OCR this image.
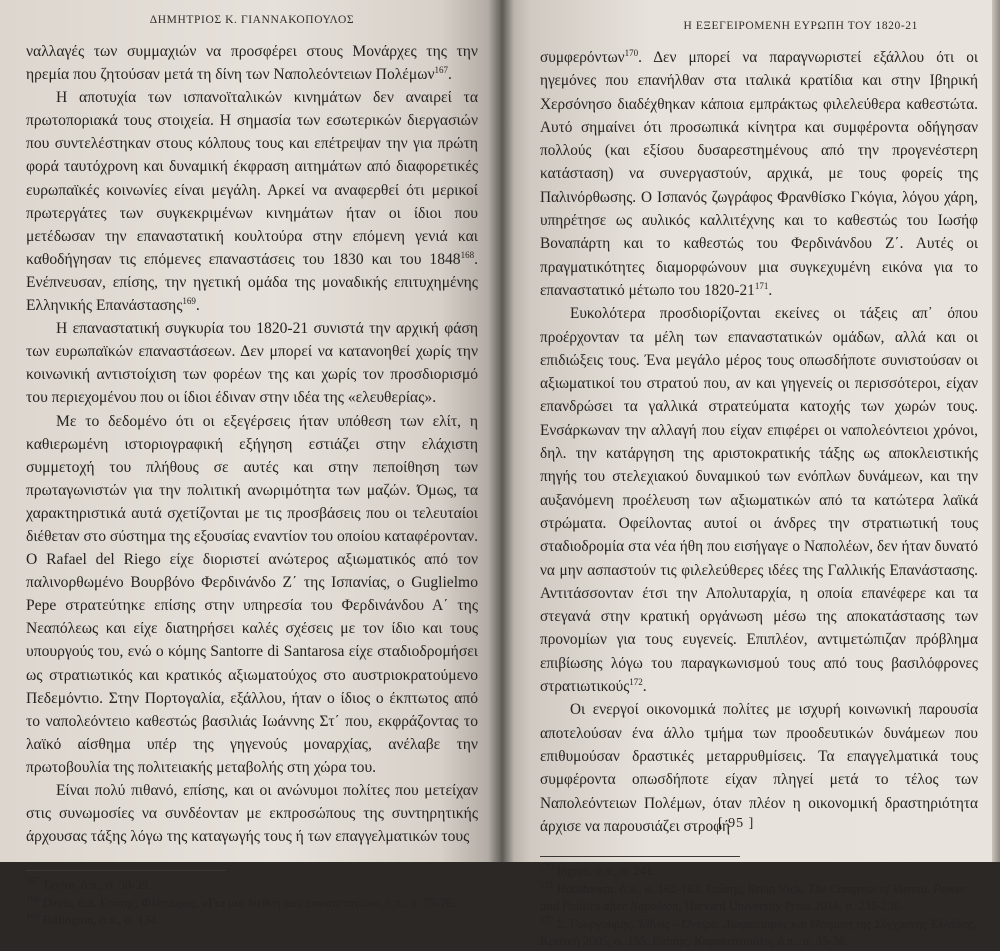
ΔΗΜΗΤΡΙΟΣ Κ. ΓΙΑΝΝΑΚΟΠΟΥΛΟΣ

ναλλαγές των συμμαχιών να προσφέρει στους Μονάρχες της την ηρεμία που ζητούσαν μετά τη δίνη των Ναπολεόντειων Πολέμων$^{167}$.

Η αποτυχία των ισπανοϊταλικών κινημάτων δεν αναιρεί τα πρωτοποριακά τους στοιχεία. Η σημασία των εσωτερικών διεργασιών που συντελέστηκαν στους κόλπους τους και επέτρεψαν την για πρώτη φορά ταυτόχρονη και δυναμική έκφραση αιτημάτων από διαφορετικές ευρωπαϊκές κοινωνίες είναι μεγάλη. Αρκεί να αναφερθεί ότι μερικοί πρωτεργάτες των συγκεκριμένων κινημάτων ήταν οι ίδιοι που μετέδωσαν την επαναστατική κουλτούρα στην επόμενη γενιά και καθοδήγησαν τις επόμενες επαναστάσεις του 1830 και του 1848$^{168}$. Ενέπνευσαν, επίσης, την ηγετική ομάδα της μοναδικής επιτυχημένης Ελληνικής Επανάστασης$^{169}$.

Η επαναστατική συγκυρία του 1820-21 συνιστά την αρχική φάση των ευρωπαϊκών επαναστάσεων. Δεν μπορεί να κατανοηθεί χωρίς την κοινωνική αντιστοίχιση των φορέων της και χωρίς τον προσδιορισμό του περιεχομένου που οι ίδιοι έδιναν στην ιδέα της «ελευθερίας».

Με το δεδομένο ότι οι εξεγέρσεις ήταν υπόθεση των ελίτ, η καθιερωμένη ιστοριογραφική εξήγηση εστιάζει στην ελάχιστη συμμετοχή του πλήθους σε αυτές και στην πεποίθηση των πρωταγωνιστών για την πολιτική ανωριμότητα των μαζών. Όμως, τα χαρακτηριστικά αυτά σχετίζονται με τις προσβάσεις που οι τελευταίοι διέθεταν στο σύστημα της εξουσίας εναντίον του οποίου καταφέρονταν. Ο Rafael del Riego είχε διοριστεί ανώτερος αξιωματικός από τον παλινορθωμένο Βουρβόνο Φερδινάνδο Ζ΄ της Ισπανίας, ο Guglielmo Pepe στρατεύτηκε επίσης στην υπηρεσία του Φερδινάνδου Α΄ της Νεαπόλεως και είχε διατηρήσει καλές σχέσεις με τον ίδιο και τους υπουργούς του, ενώ ο κόμης Santorre di Santarosa είχε σταδιοδρομήσει ως στρατιωτικός και κρατικός αξιωματούχος στο αυστριοκρατούμενο Πεδεμόντιο. Στην Πορτογαλία, εξάλλου, ήταν ο ίδιος ο έκπτωτος από το ναπολεόντειο καθεστώς βασιλιάς Ιωάννης Στ΄ που, εκφράζοντας το λαϊκό αίσθημα υπέρ της γηγενούς μοναρχίας, ανέλαβε την πρωτοβουλία της πολιτειακής μεταβολής στη χώρα του.

Είναι πολύ πιθανό, επίσης, και οι ανώνυμοι πολίτες που μετείχαν στις συνωμοσίες να συνδέονταν με εκπροσώπους της συντηρητικής άρχουσας τάξης λόγω της καταγωγής τους ή των επαγγελματικών τους

$^{167}$ Taylor, ό.π., σ. 38-39.

$^{168}$ Davis, ό.π. Επίσης, Φλίτουρης, «Για μια διεθνή των επαναστατών», ό.π., σ. 75-76.

$^{169}$ Billington, ό.π., σ. 134.

Η ΕΞΕΓΕΙΡΟΜΕΝΗ ΕΥΡΩΠΗ ΤΟΥ 1820-21

συμφερόντων$^{170}$. Δεν μπορεί να παραγνωριστεί εξάλλου ότι οι ηγεμόνες που επανήλθαν στα ιταλικά κρατίδια και στην Ιβηρική Χερσόνησο διαδέχθηκαν κάποια εμπράκτως φιλελεύθερα καθεστώτα. Αυτό σημαίνει ότι προσωπικά κίνητρα και συμφέροντα οδήγησαν πολλούς (και εξίσου δυσαρεστημένους από την προγενέστερη κατάσταση) να συνεργαστούν, αρχικά, με τους φορείς της Παλινόρθωσης. Ο Ισπανός ζωγράφος Φρανθίσκο Γκόγια, λόγου χάρη, υπηρέτησε ως αυλικός καλλιτέχνης και το καθεστώς του Ιωσήφ Βοναπάρτη και το καθεστώς του Φερδινάνδου Ζ΄. Αυτές οι πραγματικότητες διαμορφώνουν μια συγκεχυμένη εικόνα για το επαναστατικό μέτωπο του $1820-21^{171}$.

Ευκολότερα προσδιορίζονται εκείνες οι τάξεις απ᾽ όπου προέρχονταν τα μέλη των επαναστατικών ομάδων, αλλά και οι επιδιώξεις τους. Ένα μεγάλο μέρος τους οπωσδήποτε συνιστούσαν οι αξιωματικοί του στρατού που, αν και γηγενείς οι περισσότεροι, είχαν επανδρώσει τα γαλλικά στρατεύματα κατοχής των χωρών τους. Ενσάρκωναν την αλλαγή που είχαν επιφέρει οι ναπολεόντειοι χρόνοι, δηλ. την κατάργηση της αριστοκρατικής τάξης ως αποκλειστικής πηγής του στελεχιακού δυναμικού των ενόπλων δυνάμεων, και την αυξανόμενη προέλευση των αξιωματικών από τα κατώτερα λαϊκά στρώματα. Οφείλοντας αυτοί οι άνδρες την στρατιωτική τους σταδιοδρομία στα νέα ήθη που εισήγαγε ο Ναπολέων, δεν ήταν δυνατό να μην ασπαστούν τις φιλελεύθερες ιδέες της Γαλλικής Επανάστασης. Αντιτάσσονταν έτσι την Απολυταρχία, η οποία επανέφερε και τα στεγανά στην κρατική οργάνωση μέσω της αποκατάστασης των προνομίων για τους ευγενείς. Επιπλέον, αντιμετώπιζαν πρόβλημα επιβίωσης λόγω του παραγκωνισμού τους από τους βασιλόφρονες στρατιωτικούς$^{172}$.

Οι ενεργοί οικονομικά πολίτες με ισχυρή κοινωνική παρουσία αποτελούσαν ένα άλλο τμήμα των προοδευτικών δυνάμεων που επιθυμούσαν δραστικές μεταρρυθμίσεις. Τα επαγγελματικά τους συμφέροντα οπωσδήποτε είχαν πληγεί μετά το τέλος των Ναπολεόντειων Πολέμων, όταν πλέον η οικονομική δραστηριότητα άρχισε να παρουσιάζει στροφή

$^{170}$ Ingrao, ό.π., σ. 241.

$^{171}$ Hobsbawm, ό.π., σ. 162-163. Επίσης, Brian Vick, The Congress of Vienna. Power and Politics after Napoleon, Harvard University Press 2014, σ. 235-236.

$^{172}$ Σ. Γουργουρής, Έθνος – Όνειρο. Διαφωτισμός και Θέσμιση της Σύγχρονης Ελλάδας, Κριτική 2005, σ. 155. Επίσης, Καρακατσούλη, ό.π., σ. 35-36.

[ 95 ]
